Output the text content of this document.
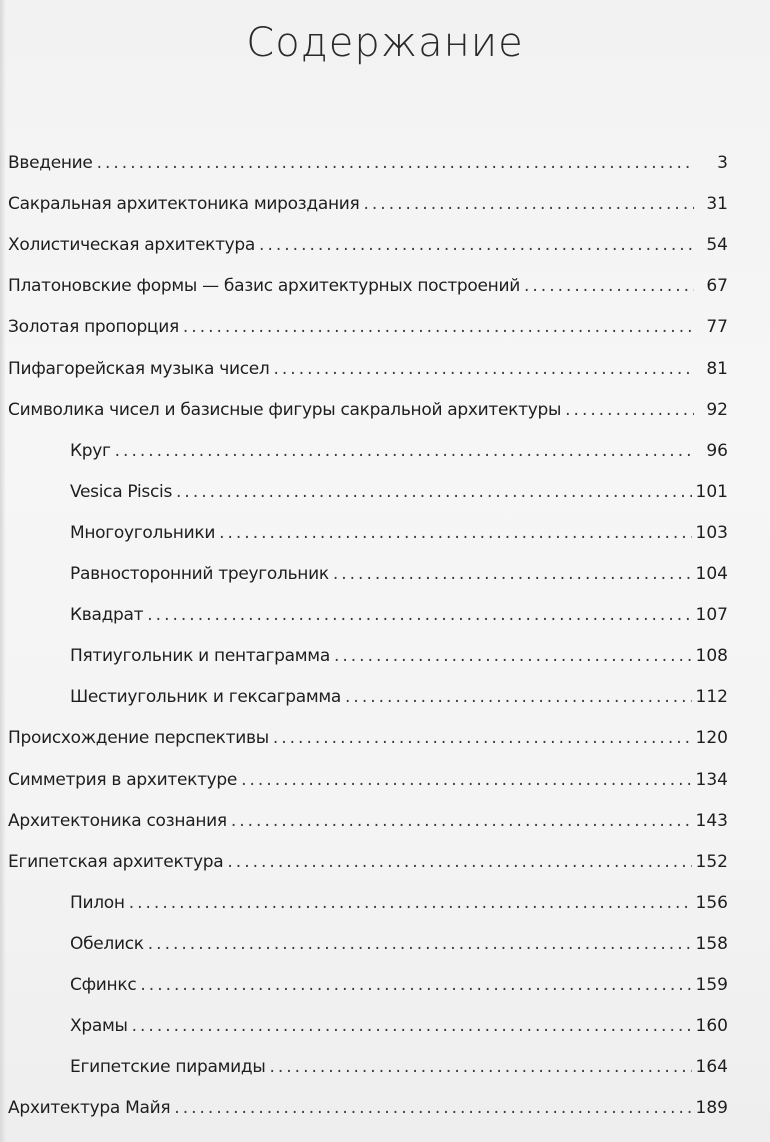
Содержание
Введение .....	3
Сакральная архитектоника мироздания .....	31
Холистическая архитектура .....	54
Платоновские формы — базис архитектурных построений .....	67
Золотая пропорция .....	77
Пифагорейская музыка чисел .....	81
Символика чисел и базисные фигуры сакральной архитектуры .....	92
Круг .....	96
Vesica Piscis .....	101
Многоугольники .....	103
Равносторонний треугольник .....	104
Квадрат .....	107
Пятиугольник и пентаграмма .....	108
Шестиугольник и гексаграмма .....	112
Происхождение перспективы .....	120
Симметрия в архитектуре .....	134
Архитектоника сознания .....	143
Египетская архитектура .....	152
Пилон .....	156
Обелиск .....	158
Сфинкс .....	159
Храмы .....	160
Египетские пирамиды .....	164
Архитектура Майя .....	189
